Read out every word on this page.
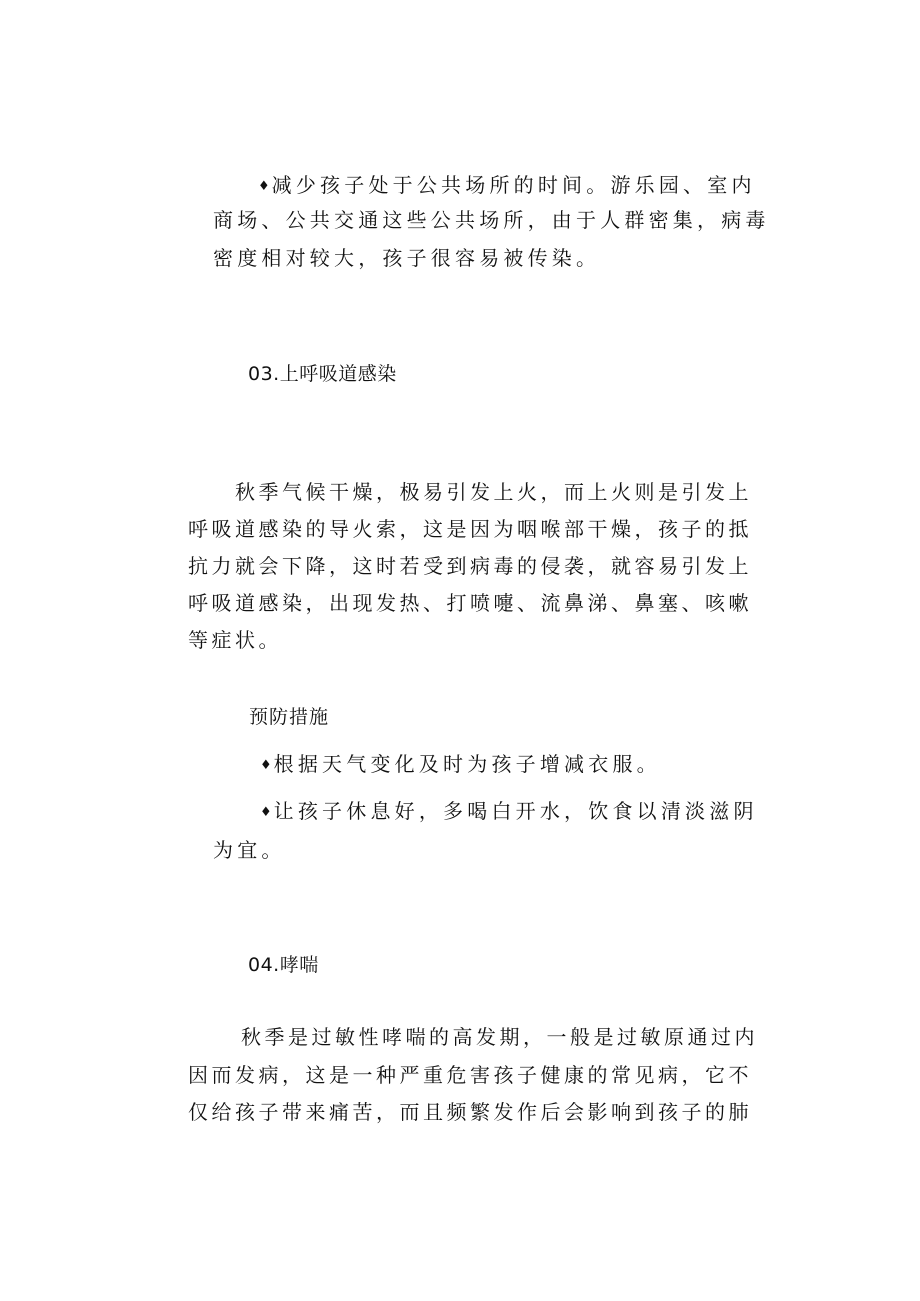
♦ 减少孩子处于公共场所的时间。游乐园、室内
商场、公共交通这些公共场所，由于人群密集，病毒
密度相对较大，孩子很容易被传染。
03.上呼吸道感染
秋季气候干燥，极易引发上火，而上火则是引发上
呼吸道感染的导火索，这是因为咽喉部干燥，孩子的抵
抗力就会下降，这时若受到病毒的侵袭，就容易引发上
呼吸道感染，出现发热、打喷嚏、流鼻涕、鼻塞、咳嗽
等症状。
预防措施
♦ 根据天气变化及时为孩子增减衣服。
♦ 让孩子休息好，多喝白开水，饮食以清淡滋阴
为宜。
04.哮喘
秋季是过敏性哮喘的高发期，一般是过敏原通过内
因而发病，这是一种严重危害孩子健康的常见病，它不
仅给孩子带来痛苦，而且频繁发作后会影响到孩子的肺
